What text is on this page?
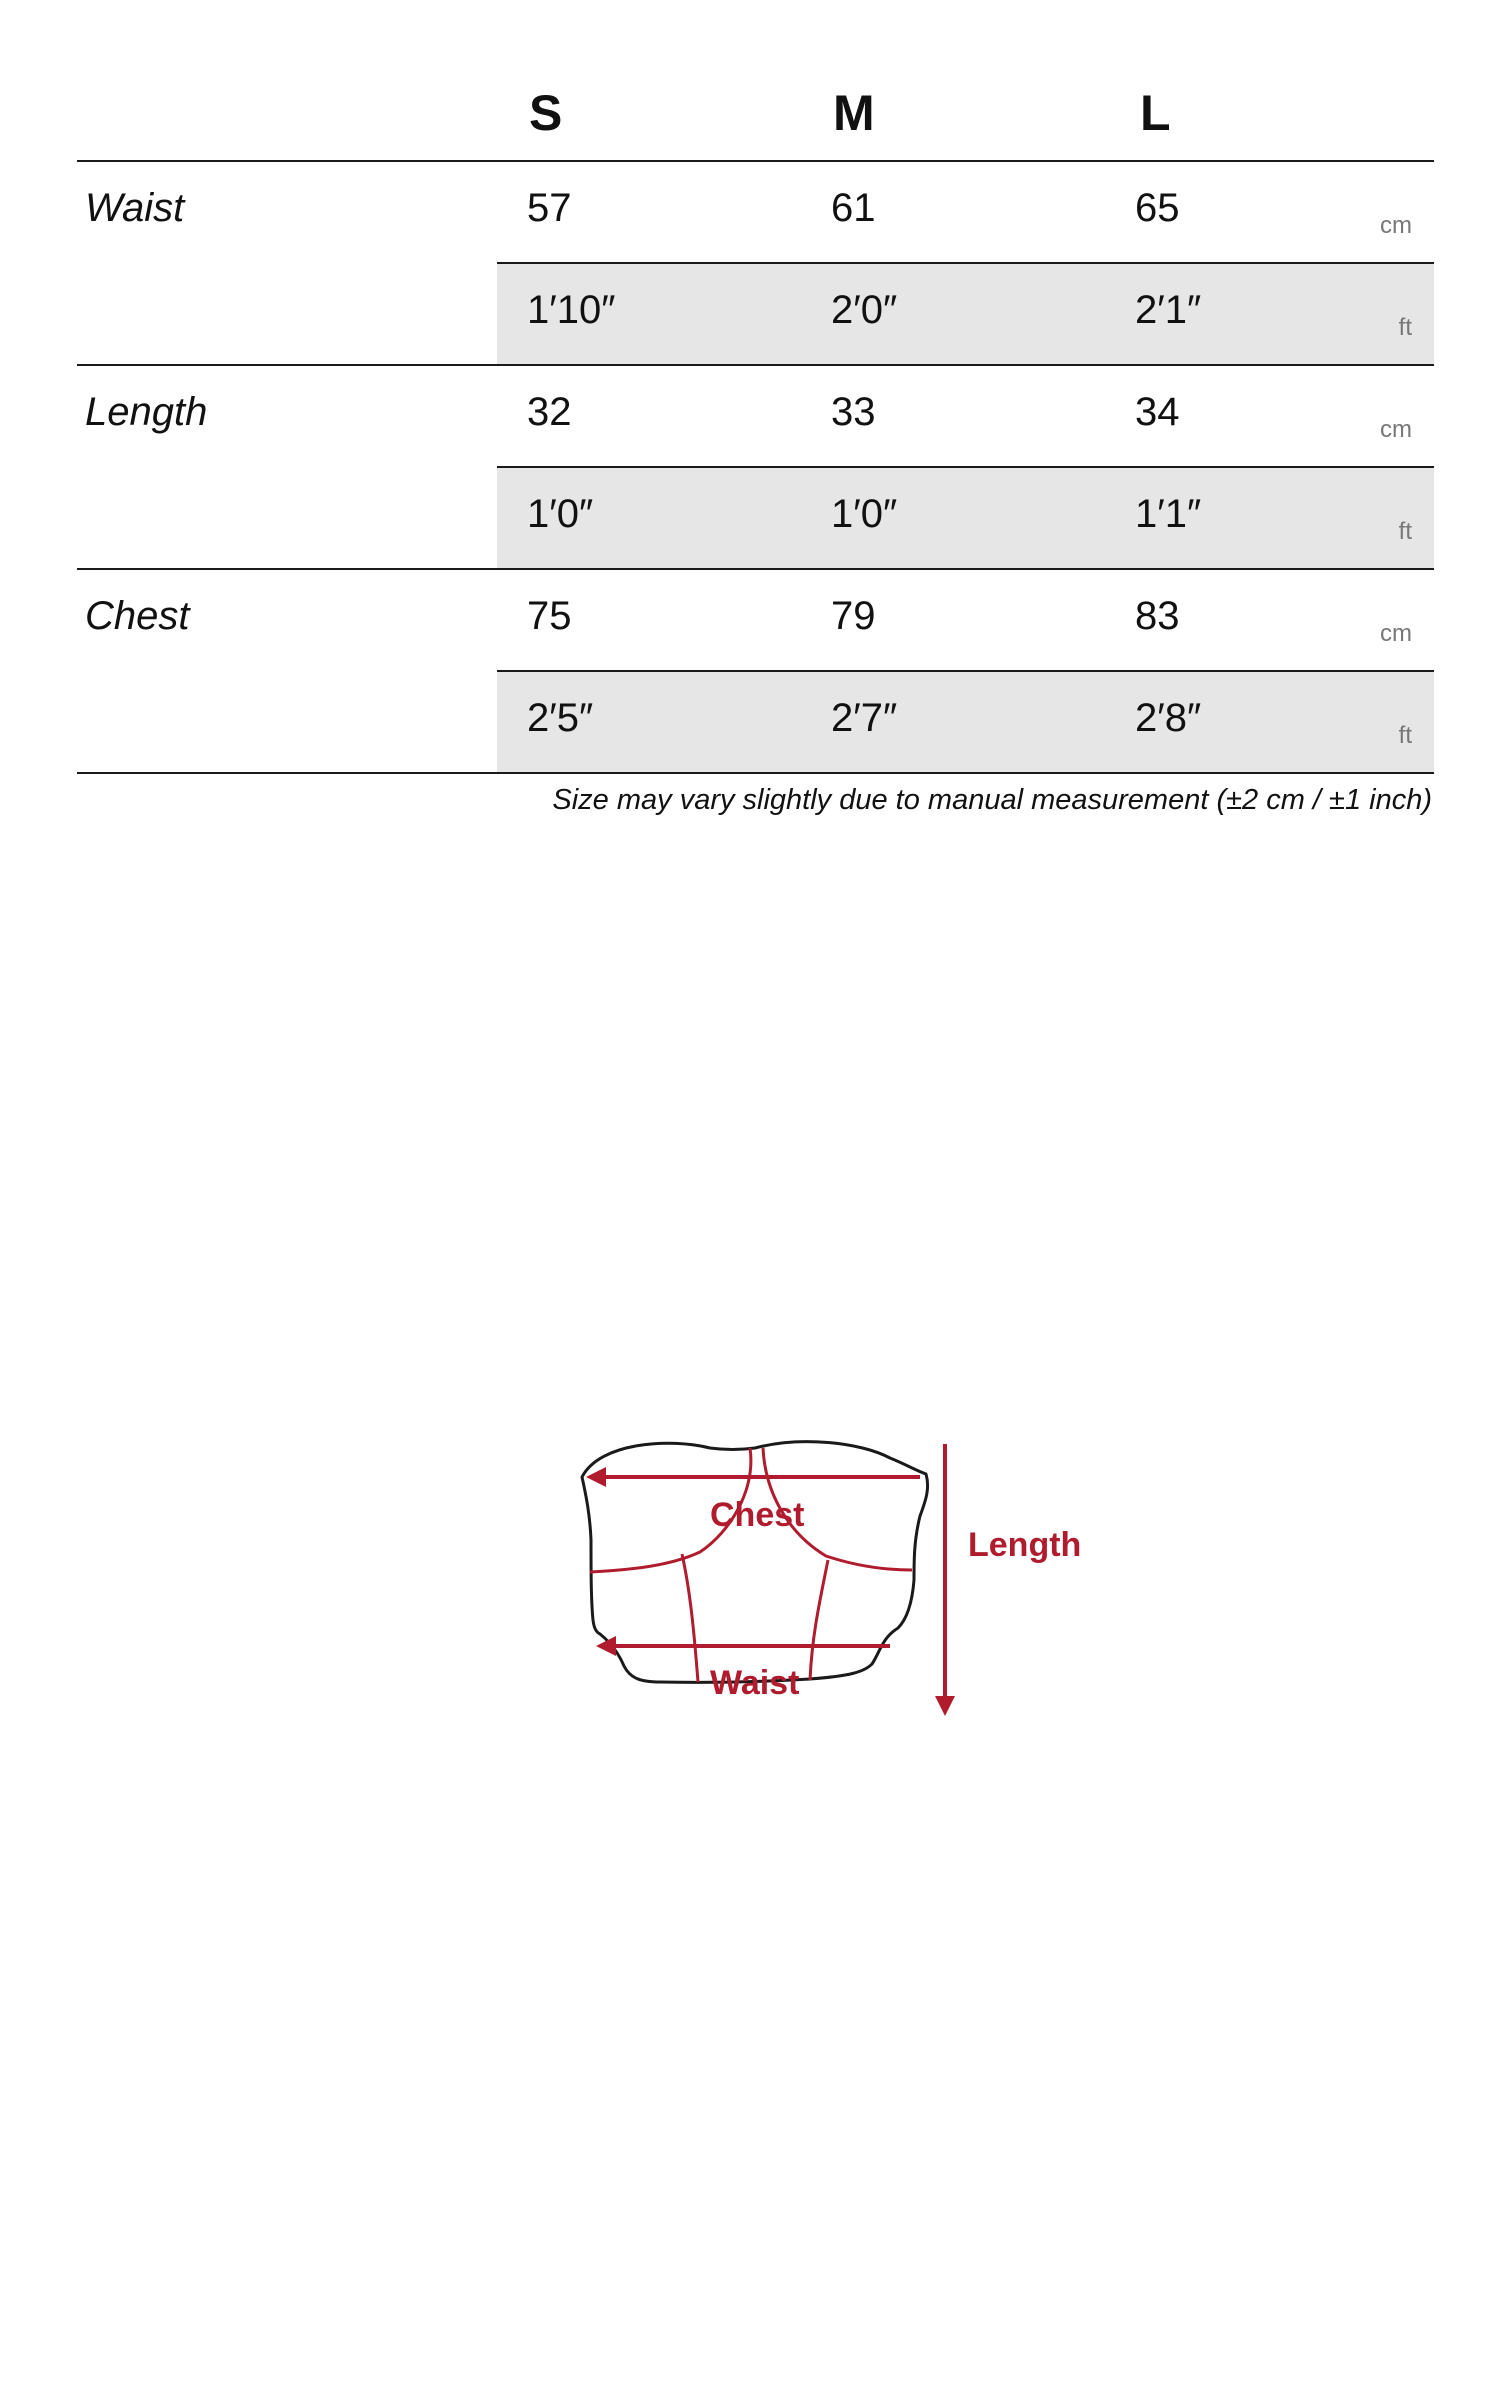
S	M	L
Waist	57	61	65	cm
1′10″	2′0″	2′1″	ft
Length	32	33	34	cm
1′0″	1′0″	1′1″	ft
Chest	75	79	83	cm
2′5″	2′7″	2′8″	ft
Size may vary slightly due to manual measurement (±2 cm / ±1 inch)
Chest
Waist
Length
